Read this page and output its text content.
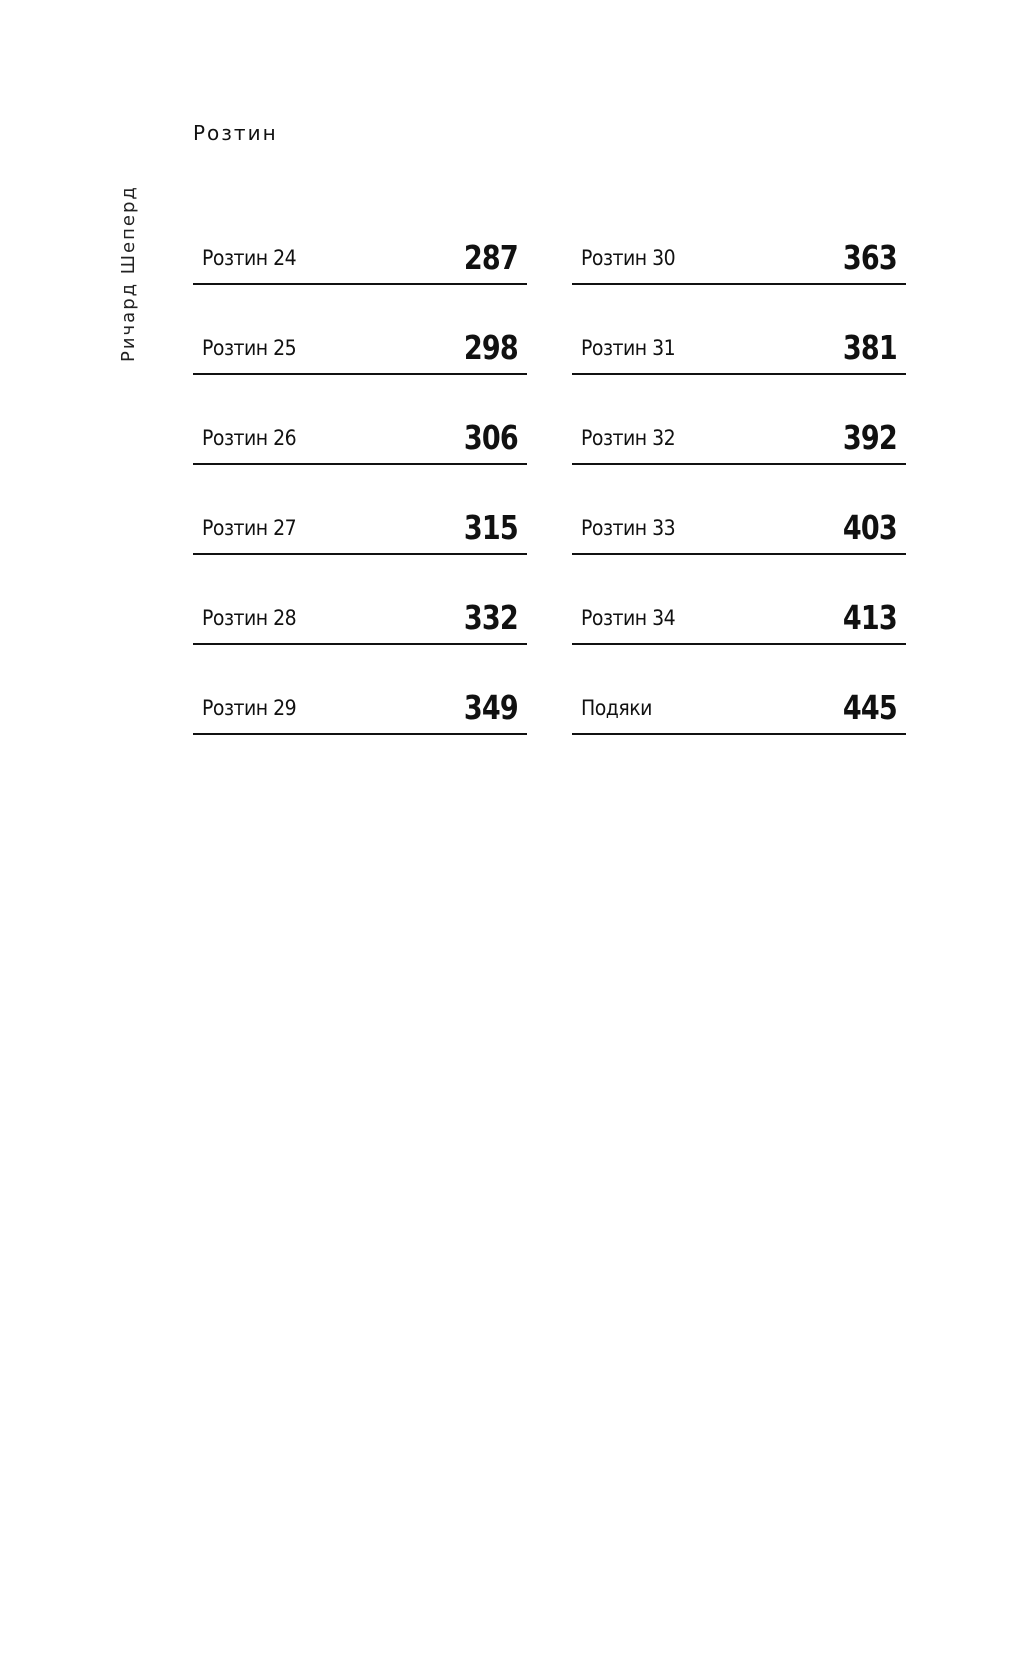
Ричард Шеперд
Розтин
Розтин 24	287	Розтин 30	363
Розтин 25	298	Розтин 31	381
Розтин 26	306	Розтин 32	392
Розтин 27	315	Розтин 33	403
Розтин 28	332	Розтин 34	413
Розтин 29	349	Подяки	445
